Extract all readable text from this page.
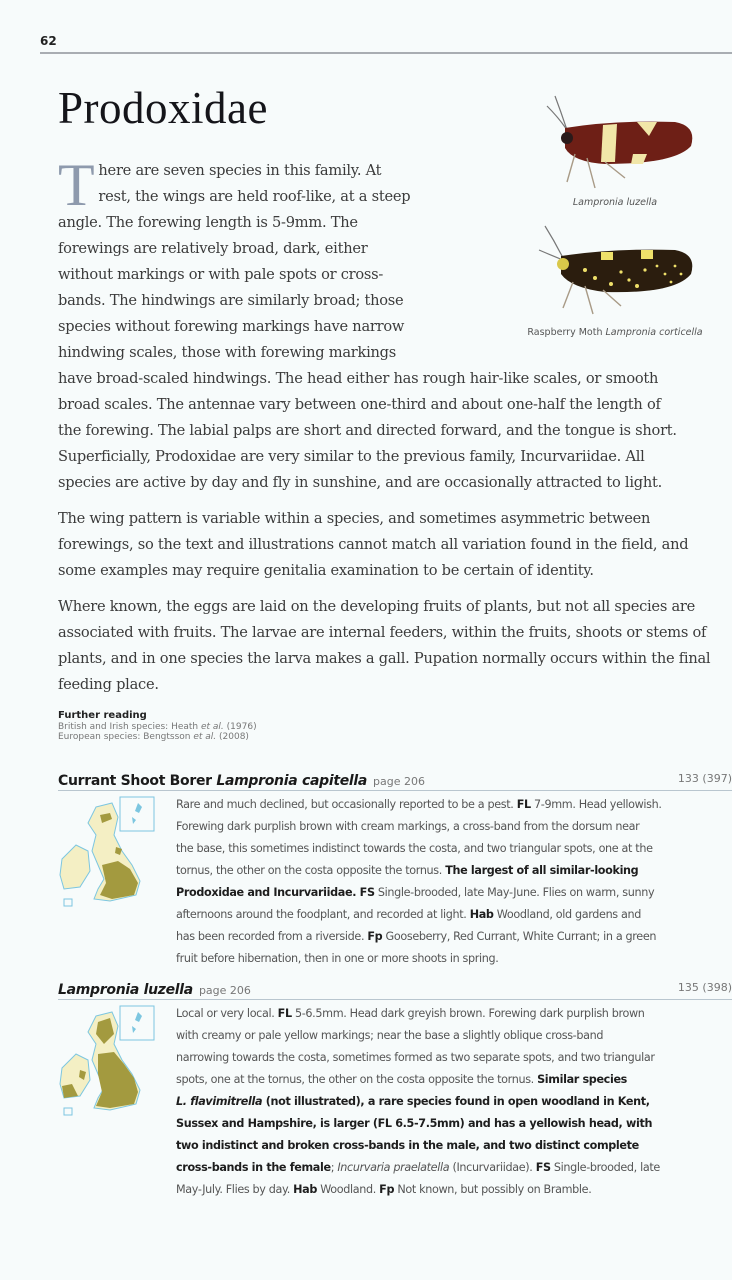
62
Prodoxidae
Lampronia luzella
Raspberry Moth Lampronia corticella

T here are seven species in this family. At
rest, the wings are held roof-like, at a steep
angle. The forewing length is 5-9mm. The
forewings are relatively broad, dark, either
without markings or with pale spots or cross-
bands. The hindwings are similarly broad; those
species without forewing markings have narrow
hindwing scales, those with forewing markings
have broad-scaled hindwings. The head either has rough hair-like scales, or smooth
broad scales. The antennae vary between one-third and about one-half the length of
the forewing. The labial palps are short and directed forward, and the tongue is short.
Superficially, Prodoxidae are very similar to the previous family, Incurvariidae. All
species are active by day and fly in sunshine, and are occasionally attracted to light.

The wing pattern is variable within a species, and sometimes asymmetric between forewings, so the text and illustrations cannot match all variation found in the field, and some examples may require genitalia examination to be certain of identity.

Where known, the eggs are laid on the developing fruits of plants, but not all species are associated with fruits. The larvae are internal feeders, within the fruits, shoots or stems of plants, and in one species the larva makes a gall. Pupation normally occurs within the final feeding place.

Further reading
British and Irish species: Heath et al. (1976)
European species: Bengtsson et al. (2008)
Currant Shoot Borer Lampronia capitella page 206	133 (397)
Rare and much declined, but occasionally reported to be a pest. FL 7-9mm. Head yellowish.
Forewing dark purplish brown with cream markings, a cross-band from the dorsum near
the base, this sometimes indistinct towards the costa, and two triangular spots, one at the
tornus, the other on the costa opposite the tornus. The largest of all similar-looking
Prodoxidae and Incurvariidae. FS Single-brooded, late May-June. Flies on warm, sunny
afternoons around the foodplant, and recorded at light. Hab Woodland, old gardens and
has been recorded from a riverside. Fp Gooseberry, Red Currant, White Currant; in a green
fruit before hibernation, then in one or more shoots in spring.
Lampronia luzella page 206	135 (398)
Local or very local. FL 5-6.5mm. Head dark greyish brown. Forewing dark purplish brown
with creamy or pale yellow markings; near the base a slightly oblique cross-band
narrowing towards the costa, sometimes formed as two separate spots, and two triangular
spots, one at the tornus, the other on the costa opposite the tornus. Similar species
L. flavimitrella (not illustrated), a rare species found in open woodland in Kent,
Sussex and Hampshire, is larger (FL 6.5-7.5mm) and has a yellowish head, with
two indistinct and broken cross-bands in the male, and two distinct complete
cross-bands in the female; Incurvaria praelatella (Incurvariidae). FS Single-brooded, late
May-July. Flies by day. Hab Woodland. Fp Not known, but possibly on Bramble.
